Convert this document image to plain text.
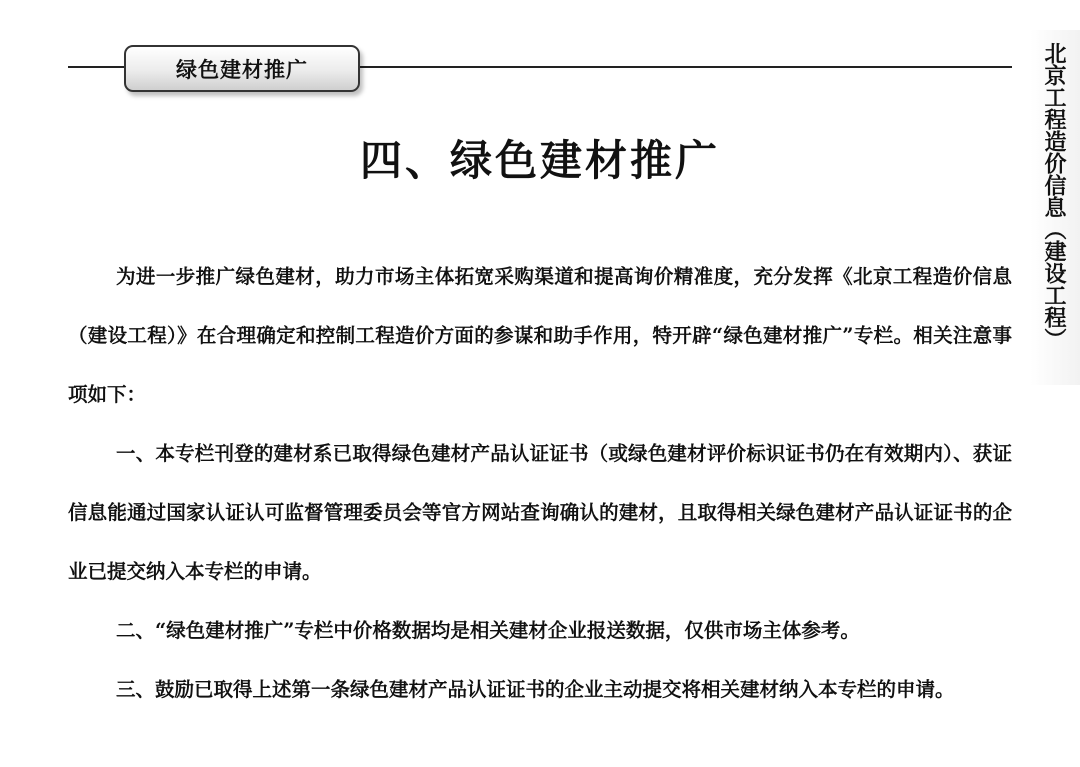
绿色建材推广	北京工程造价信息（建设工程）
四、绿色建材推广

为进一步推广绿色建材，助力市场主体拓宽采购渠道和提高询价精准度，充分发挥《北京工程造价信息（建设工程）》在合理确定和控制工程造价方面的参谋和助手作用，特开辟“绿色建材推广”专栏。相关注意事项如下：

一、本专栏刊登的建材系已取得绿色建材产品认证证书（或绿色建材评价标识证书仍在有效期内）、获证信息能通过国家认证认可监督管理委员会等官方网站查询确认的建材，且取得相关绿色建材产品认证证书的企业已提交纳入本专栏的申请。

二、“绿色建材推广”专栏中价格数据均是相关建材企业报送数据，仅供市场主体参考。

三、鼓励已取得上述第一条绿色建材产品认证证书的企业主动提交将相关建材纳入本专栏的申请。
